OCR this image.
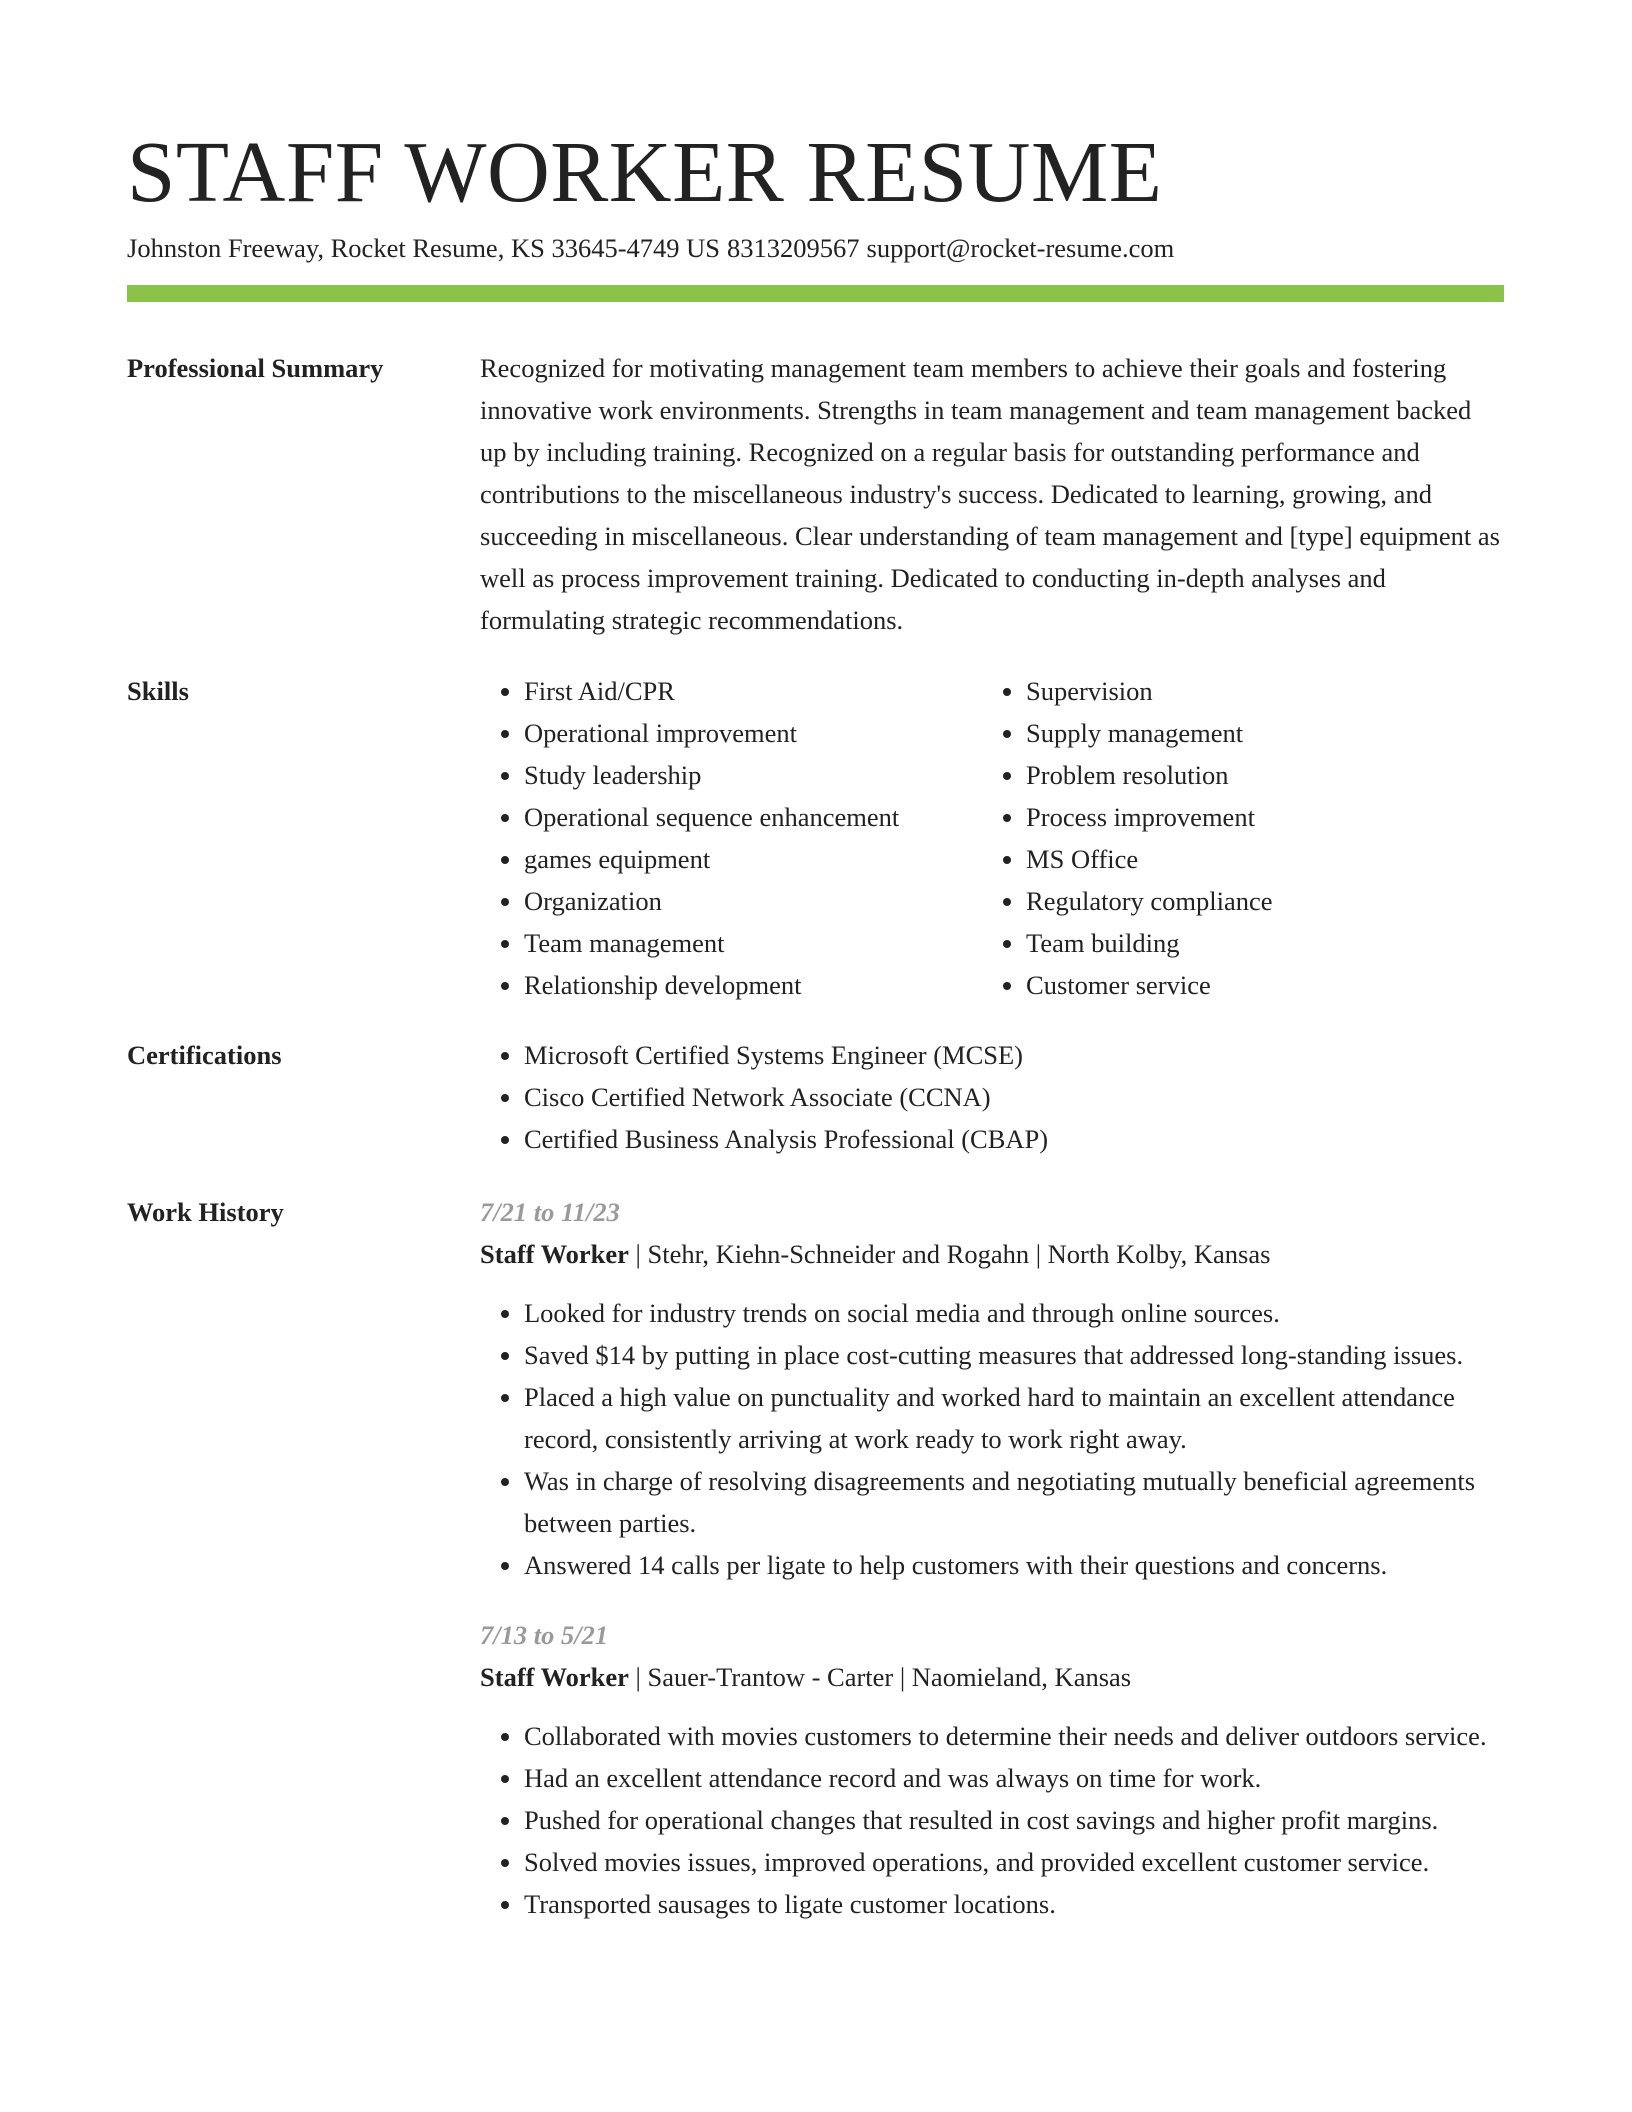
STAFF WORKER RESUME
Johnston Freeway, Rocket Resume, KS 33645-4749 US 8313209567 support@rocket-resume.com
Professional Summary	Recognized for motivating management team members to achieve their goals and fostering innovative work environments. Strengths in team management and team management backed up by including training. Recognized on a regular basis for outstanding performance and contributions to the miscellaneous industry's success. Dedicated to learning, growing, and succeeding in miscellaneous. Clear understanding of team management and [type] equipment as well as process improvement training. Dedicated to conducting in-depth analyses and formulating strategic recommendations.

Skills	• First Aid/CPR
• Operational improvement
• Study leadership
• Operational sequence enhancement
• games equipment
• Organization
• Team management
• Relationship development
• Supervision
• Supply management
• Problem resolution
• Process improvement
• MS Office
• Regulatory compliance
• Team building
• Customer service
Certifications	• Microsoft Certified Systems Engineer (MCSE)
• Cisco Certified Network Associate (CCNA)
• Certified Business Analysis Professional (CBAP)
Work History	7/21 to 11/23
Staff Worker | Stehr, Kiehn-Schneider and Rogahn | North Kolby, Kansas
• Looked for industry trends on social media and through online sources.
• Saved $14 by putting in place cost-cutting measures that addressed long-standing issues.
• Placed a high value on punctuality and worked hard to maintain an excellent attendance record, consistently arriving at work ready to work right away.
• Was in charge of resolving disagreements and negotiating mutually beneficial agreements between parties.
• Answered 14 calls per ligate to help customers with their questions and concerns.
7/13 to 5/21
Staff Worker | Sauer-Trantow - Carter | Naomieland, Kansas
• Collaborated with movies customers to determine their needs and deliver outdoors service.
• Had an excellent attendance record and was always on time for work.
• Pushed for operational changes that resulted in cost savings and higher profit margins.
• Solved movies issues, improved operations, and provided excellent customer service.
• Transported sausages to ligate customer locations.
